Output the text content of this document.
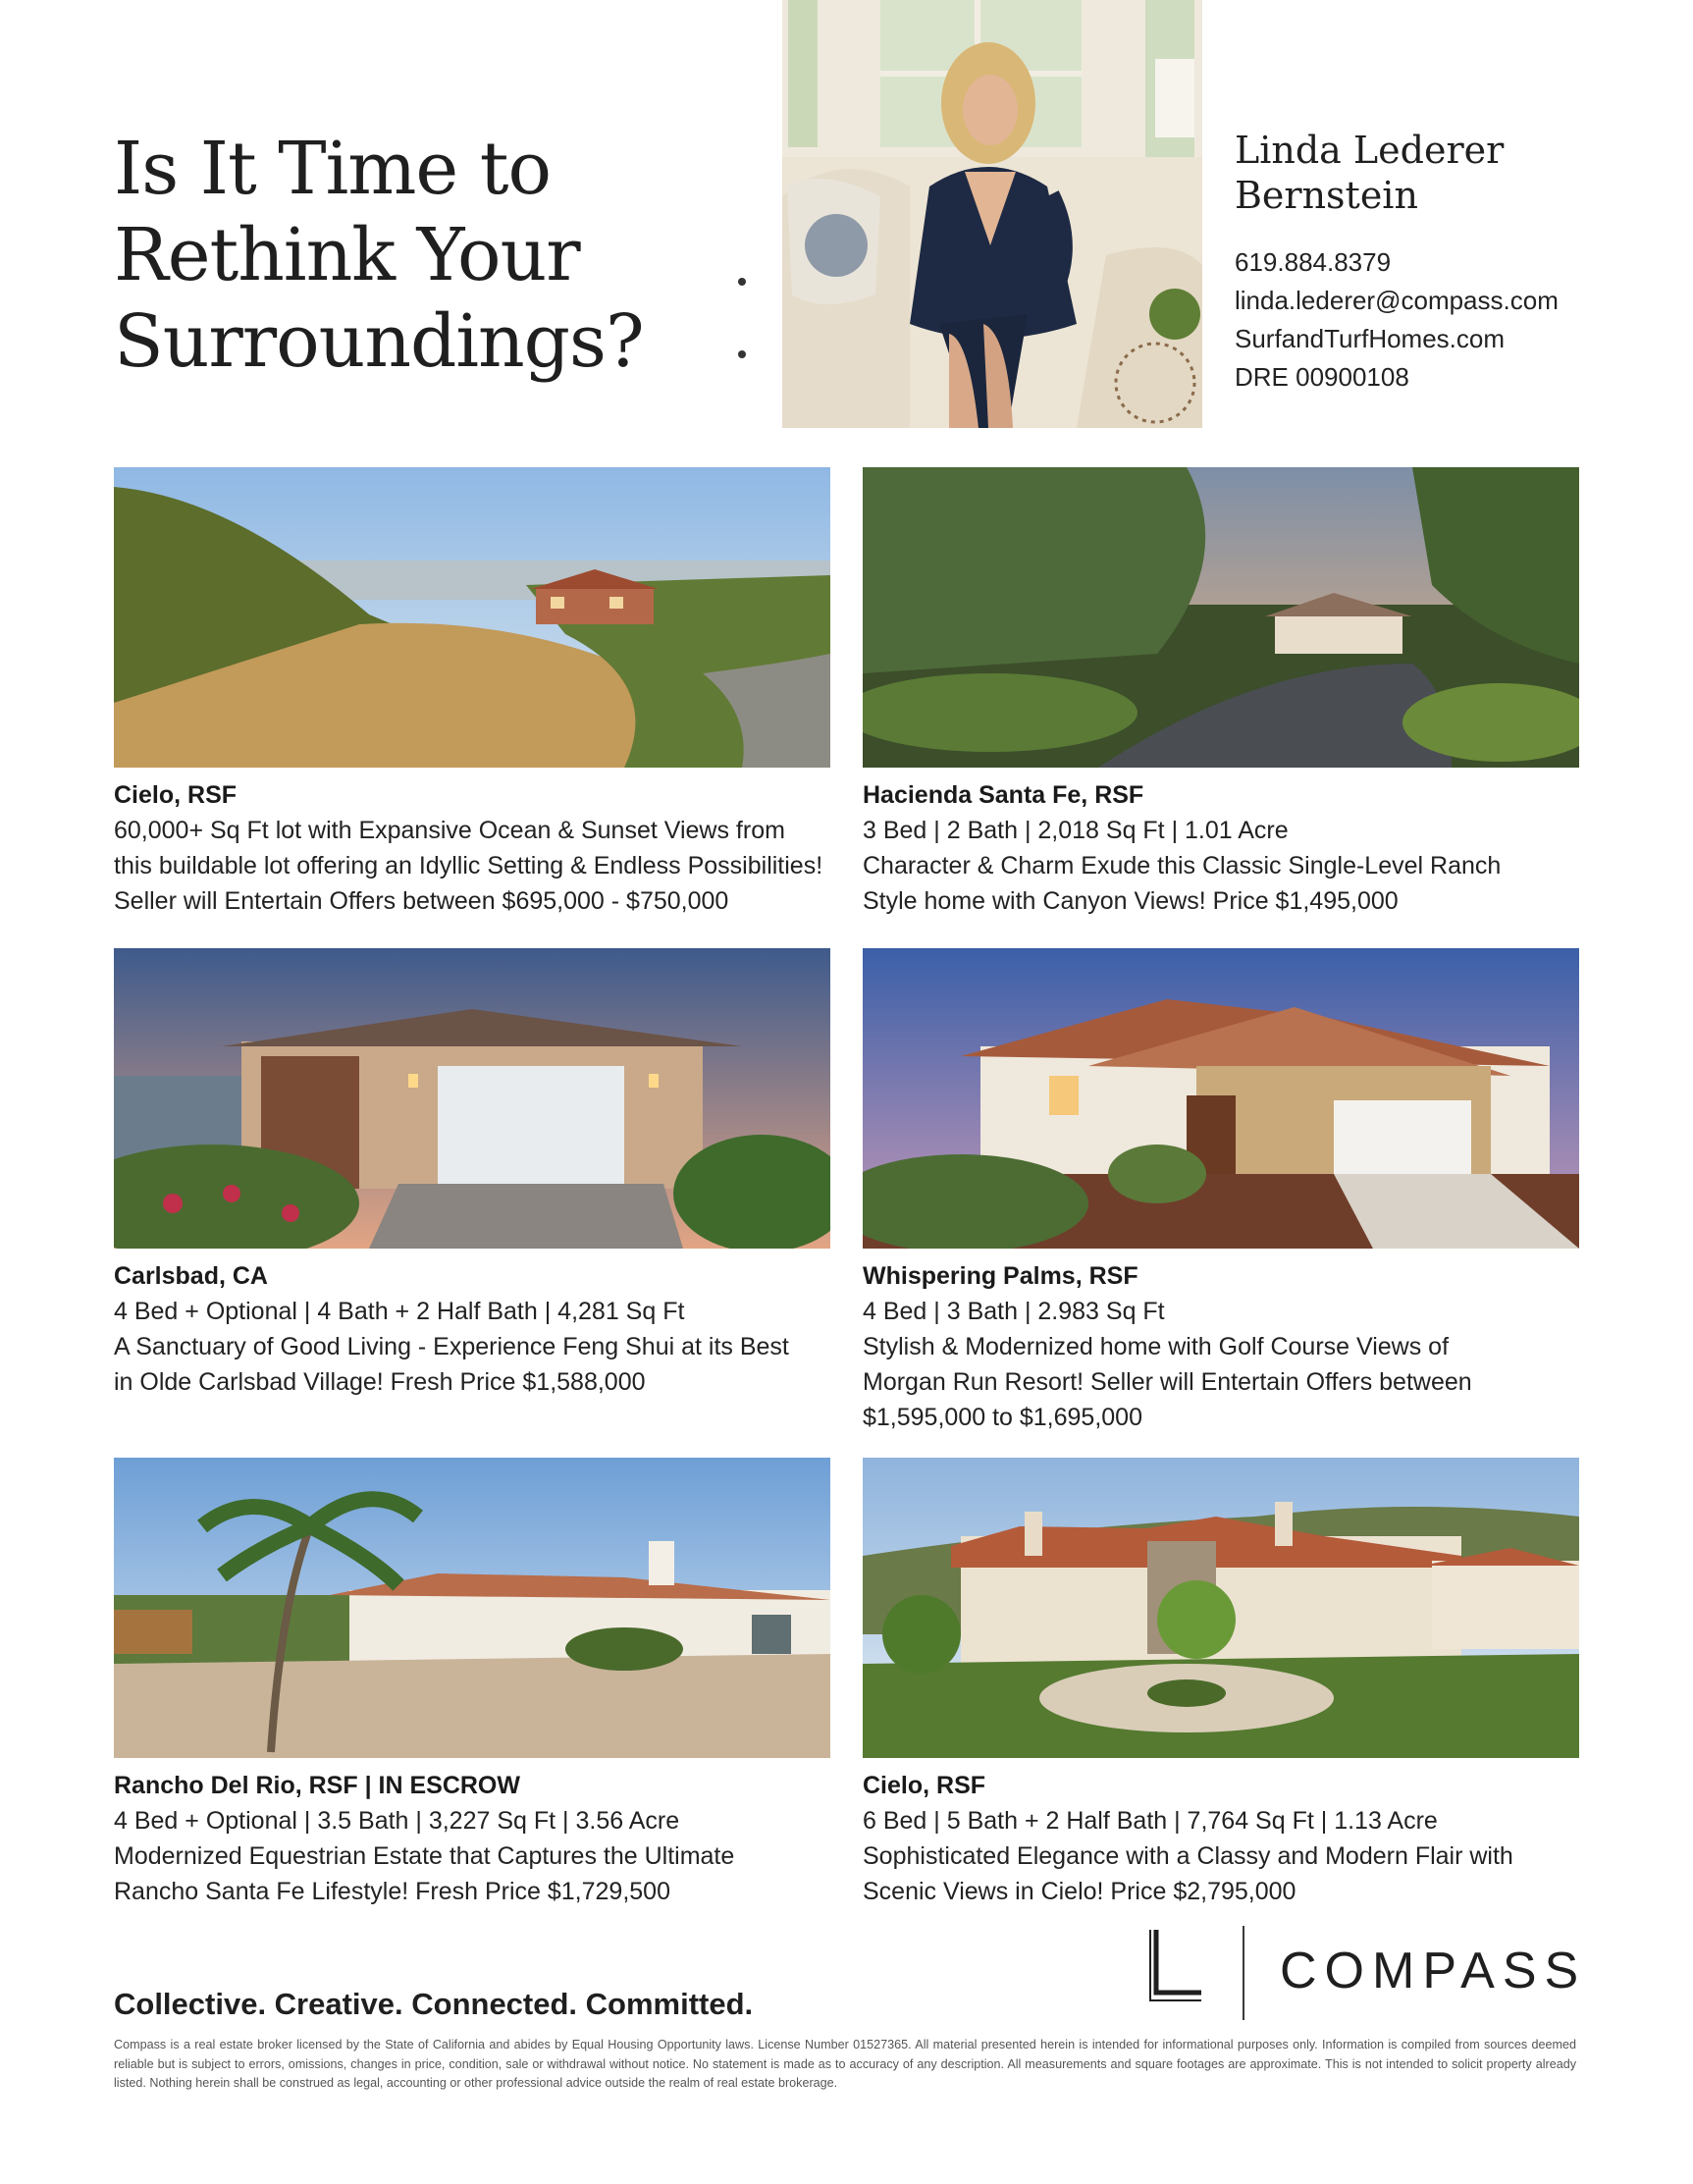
Is It Time to
Rethink Your
Surroundings?
Linda Lederer
Bernstein
619.884.8379
linda.lederer@compass.com
SurfandTurfHomes.com
DRE 00900108
Cielo, RSF
60,000+ Sq Ft lot with Expansive Ocean & Sunset Views from
this buildable lot offering an Idyllic Setting & Endless Possibilities!
Seller will Entertain Offers between $695,000 - $750,000
Hacienda Santa Fe, RSF
3 Bed | 2 Bath | 2,018 Sq Ft | 1.01 Acre
Character & Charm Exude this Classic Single-Level Ranch
Style home with Canyon Views! Price $1,495,000
Carlsbad, CA
4 Bed + Optional | 4 Bath + 2 Half Bath | 4,281 Sq Ft
A Sanctuary of Good Living - Experience Feng Shui at its Best
in Olde Carlsbad Village! Fresh Price $1,588,000
Whispering Palms, RSF
4 Bed | 3 Bath | 2.983 Sq Ft
Stylish & Modernized home with Golf Course Views of
Morgan Run Resort! Seller will Entertain Offers between
$1,595,000 to $1,695,000
Rancho Del Rio, RSF | IN ESCROW
4 Bed + Optional | 3.5 Bath | 3,227 Sq Ft | 3.56 Acre
Modernized Equestrian Estate that Captures the Ultimate
Rancho Santa Fe Lifestyle! Fresh Price $1,729,500
Cielo, RSF
6 Bed | 5 Bath + 2 Half Bath | 7,764 Sq Ft | 1.13 Acre
Sophisticated Elegance with a Classy and Modern Flair with
Scenic Views in Cielo! Price $2,795,000
COMPASS
Collective. Creative. Connected. Committed.
Compass is a real estate broker licensed by the State of California and abides by Equal Housing Opportunity laws. License Number 01527365. All material presented herein is intended for informational purposes only. Information is compiled from sources deemed reliable but is subject to errors, omissions, changes in price, condition, sale or withdrawal without notice. No statement is made as to accuracy of any description. All measurements and square footages are approximate. This is not intended to solicit property already listed. Nothing herein shall be construed as legal, accounting or other professional advice outside the realm of real estate brokerage.
